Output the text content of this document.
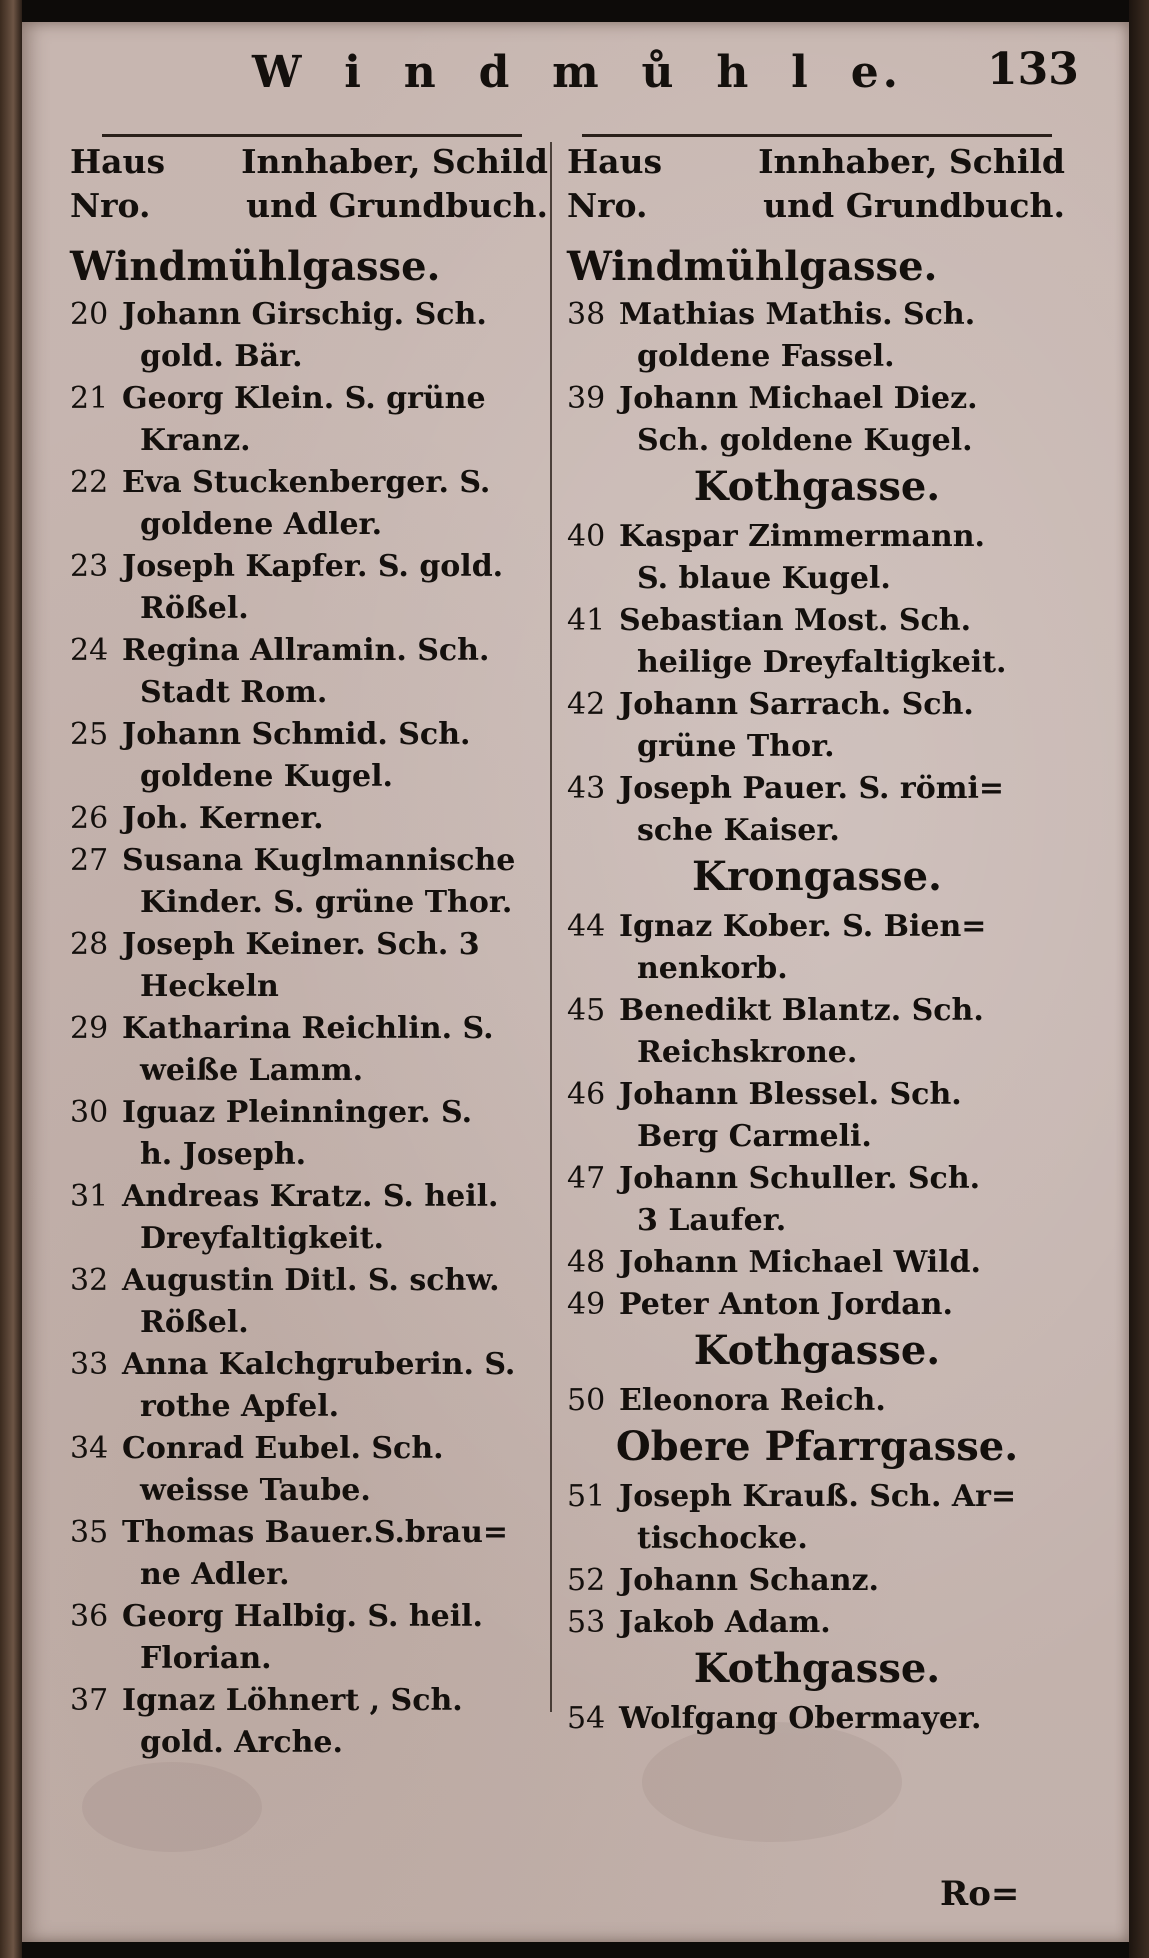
W i n d m ů h l e. 133
Haus
Nro.
Innhaber, Schild
und Grundbuch.
Windmühlgasse.
20 Johann Girschig. Sch.
gold. Bär.
21 Georg Klein. S. grüne
Kranz.
22 Eva Stuckenberger. S.
goldene Adler.
23 Joseph Kapfer. S. gold.
Rößel.
24 Regina Allramin. Sch.
Stadt Rom.
25 Johann Schmid. Sch.
goldene Kugel.
26 Joh. Kerner.
27 Susana Kuglmannische
Kinder. S. grüne Thor.
28 Joseph Keiner. Sch. 3
Heckeln
29 Katharina Reichlin. S.
weiße Lamm.
30 Iguaz Pleinninger. S.
h. Joseph.
31 Andreas Kratz. S. heil.
Dreyfaltigkeit.
32 Augustin Ditl. S. schw.
Rößel.
33 Anna Kalchgruberin. S.
rothe Apfel.
34 Conrad Eubel. Sch.
weisse Taube.
35 Thomas Bauer.S.brau=
ne Adler.
36 Georg Halbig. S. heil.
Florian.
37 Ignaz Löhnert , Sch.
gold. Arche.
Haus
Nro.
Innhaber, Schild
und Grundbuch.
Windmühlgasse.
38 Mathias Mathis. Sch.
goldene Fassel.
39 Johann Michael Diez.
Sch. goldene Kugel.
Kothgasse.
40 Kaspar Zimmermann.
S. blaue Kugel.
41 Sebastian Most. Sch.
heilige Dreyfaltigkeit.
42 Johann Sarrach. Sch.
grüne Thor.
43 Joseph Pauer. S. römi=
sche Kaiser.
Krongasse.
44 Ignaz Kober. S. Bien=
nenkorb.
45 Benedikt Blantz. Sch.
Reichskrone.
46 Johann Blessel. Sch.
Berg Carmeli.
47 Johann Schuller. Sch.
3 Laufer.
48 Johann Michael Wild.
49 Peter Anton Jordan.
Kothgasse.
50 Eleonora Reich.
Obere Pfarrgasse.
51 Joseph Krauß. Sch. Ar=
tischocke.
52 Johann Schanz.
53 Jakob Adam.
Kothgasse.
54 Wolfgang Obermayer.
Ro=
